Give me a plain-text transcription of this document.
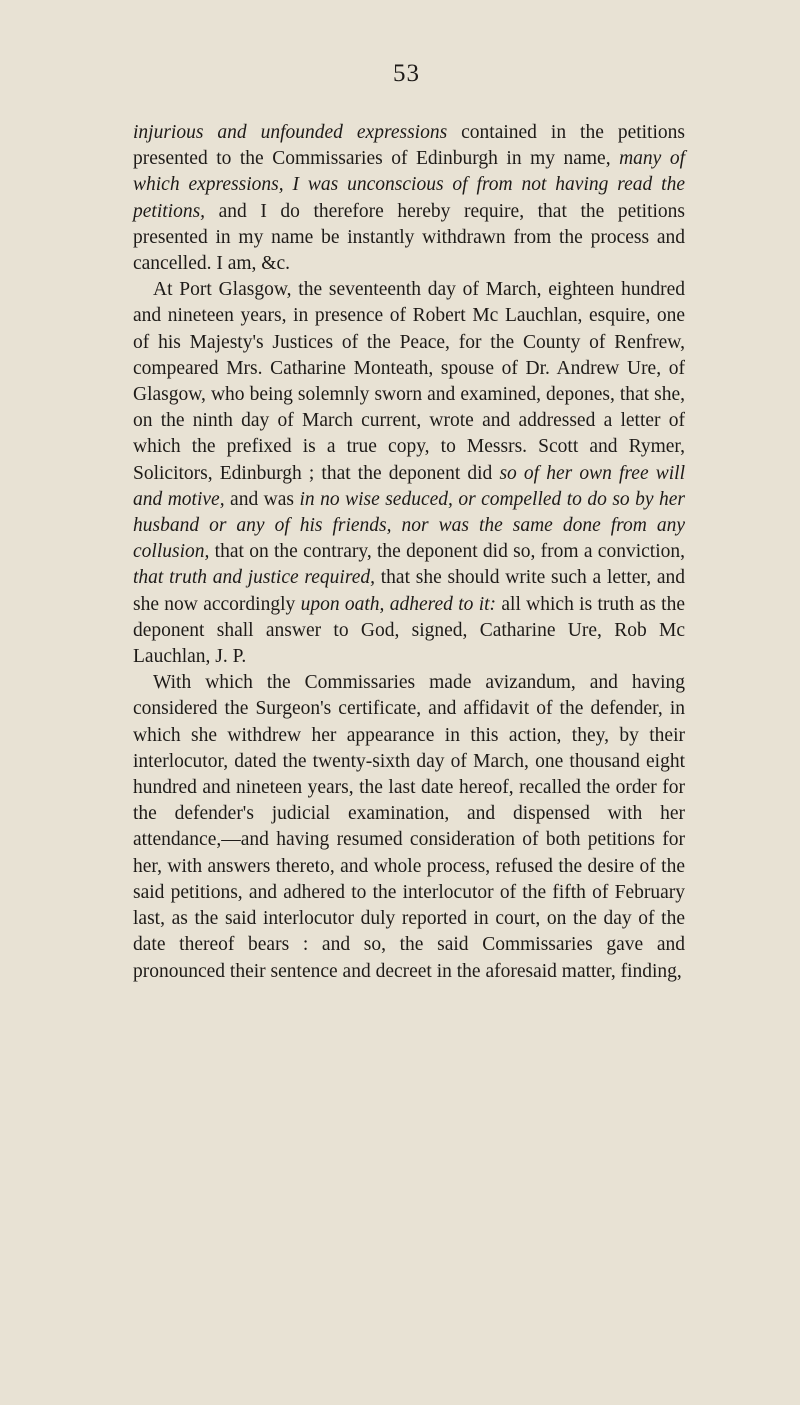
53

injurious and unfounded expressions contained in the petitions presented to the Commissaries of Edinburgh in my name, many of which expressions, I was unconscious of from not having read the petitions, and I do therefore hereby require, that the petitions presented in my name be instantly withdrawn from the process and cancelled. I am, &c.

At Port Glasgow, the seventeenth day of March, eighteen hundred and nineteen years, in presence of Robert Mc Lauchlan, esquire, one of his Majesty's Justices of the Peace, for the County of Renfrew, compeared Mrs. Catharine Monteath, spouse of Dr. Andrew Ure, of Glasgow, who being solemnly sworn and examined, depones, that she, on the ninth day of March current, wrote and addressed a letter of which the prefixed is a true copy, to Messrs. Scott and Rymer, Solicitors, Edinburgh ; that the deponent did so of her own free will and motive, and was in no wise seduced, or compelled to do so by her husband or any of his friends, nor was the same done from any collusion, that on the contrary, the deponent did so, from a conviction, that truth and justice required, that she should write such a letter, and she now accordingly upon oath, adhered to it: all which is truth as the deponent shall answer to God, signed, Catharine Ure, Rob Mc Lauchlan, J. P.

With which the Commissaries made avizandum, and having considered the Surgeon's certificate, and affidavit of the defender, in which she withdrew her appearance in this action, they, by their interlocutor, dated the twenty-sixth day of March, one thousand eight hundred and nineteen years, the last date hereof, recalled the order for the defender's judicial examination, and dispensed with her attendance,—and having resumed consideration of both petitions for her, with answers thereto, and whole process, refused the desire of the said petitions, and adhered to the interlocutor of the fifth of February last, as the said interlocutor duly reported in court, on the day of the date thereof bears : and so, the said Commissaries gave and pronounced their sentence and decreet in the aforesaid matter, finding,
